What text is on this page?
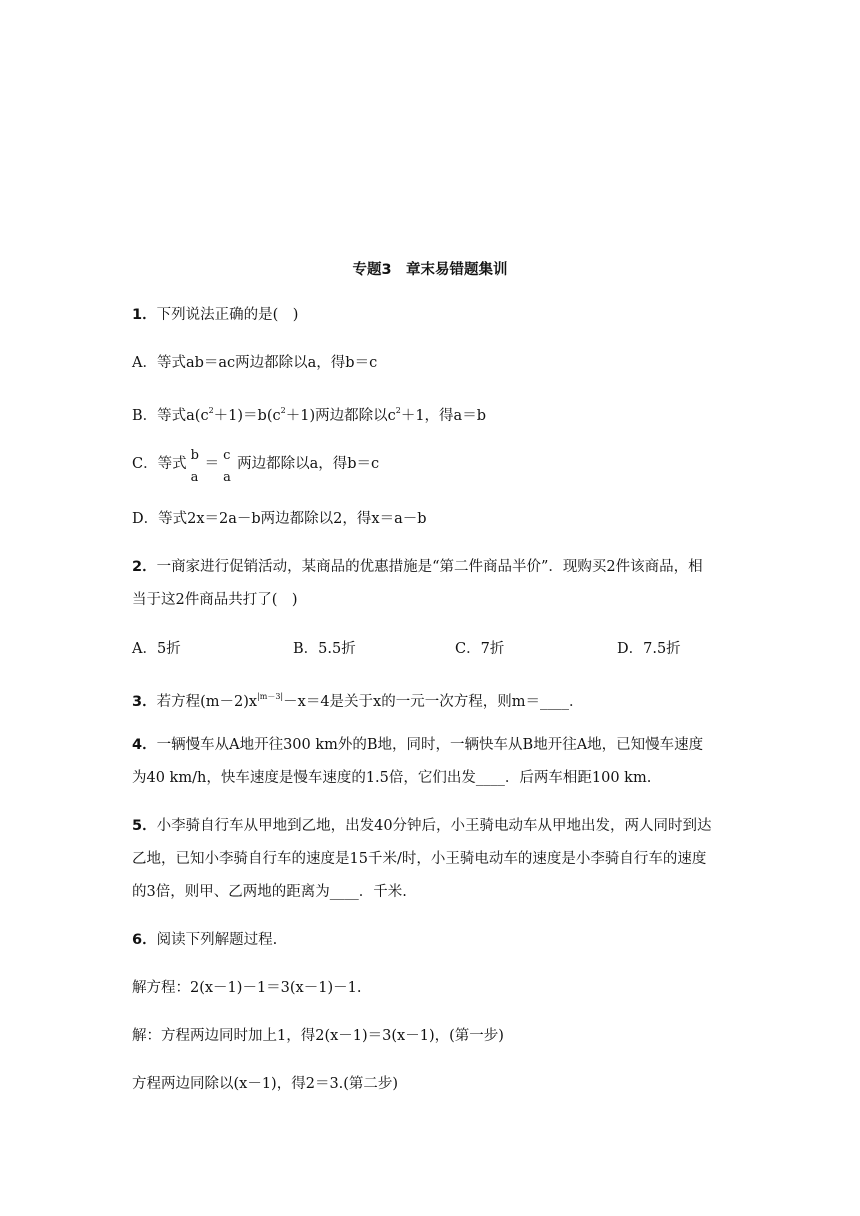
专题3　章末易错题集训
1．下列说法正确的是(　)
A．等式ab＝ac两边都除以a，得b＝c
B．等式$a(c^2+1)=b(c^2+1)$两边都除以$c^2+1$，得a＝b
C．等式
b
a
＝
c
a
两边都除以a，得b＝c
D．等式2x＝2a－b两边都除以2，得x＝a－b
2．一商家进行促销活动，某商品的优惠措施是“第二件商品半价”．现购买2件该商品，相
当于这2件商品共打了(　)
A．5折	B．5.5折	C．7折	D．7.5折
3．若方程$(m-2)x^{|m-3|}-x=4$是关于x的一元一次方程，则m＝____．
4．一辆慢车从A地开往300 km外的B地，同时，一辆快车从B地开往A地，已知慢车速度
为40 km/h，快车速度是慢车速度的1.5倍，它们出发____．后两车相距100 km.
5．小李骑自行车从甲地到乙地，出发40分钟后，小王骑电动车从甲地出发，两人同时到达
乙地，已知小李骑自行车的速度是15千米/时，小王骑电动车的速度是小李骑自行车的速度
的3倍，则甲、乙两地的距离为____．千米.
6．阅读下列解题过程.
解方程：2(x－1)－1＝3(x－1)－1.
解：方程两边同时加上1，得2(x－1)＝3(x－1)，(第一步)
方程两边同除以(x－1)，得2＝3.(第二步)
